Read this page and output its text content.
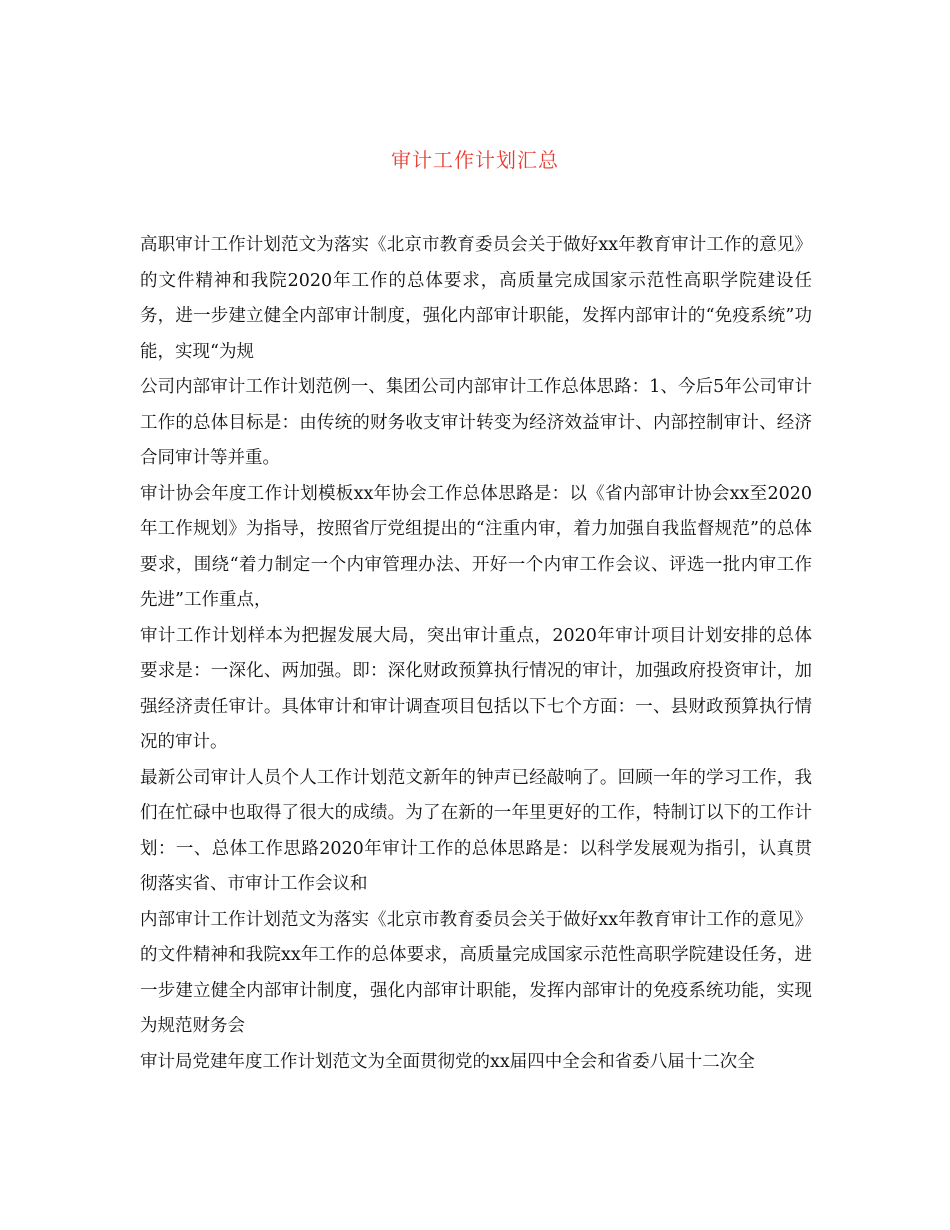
审计工作计划汇总

高职审计工作计划范文为落实《北京市教育委员会关于做好xx年教育审计工作的意见》的文件精神和我院2020年工作的总体要求，高质量完成国家示范性高职学院建设任务，进一步建立健全内部审计制度，强化内部审计职能，发挥内部审计的“免疫系统”功能，实现“为规

公司内部审计工作计划范例一、集团公司内部审计工作总体思路：1、今后5年公司审计工作的总体目标是：由传统的财务收支审计转变为经济效益审计、内部控制审计、经济合同审计等并重。

审计协会年度工作计划模板xx年协会工作总体思路是：以《省内部审计协会xx至2020年工作规划》为指导，按照省厅党组提出的“注重内审，着力加强自我监督规范”的总体要求，围绕“着力制定一个内审管理办法、开好一个内审工作会议、评选一批内审工作先进”工作重点，

审计工作计划样本为把握发展大局，突出审计重点，2020年审计项目计划安排的总体要求是：一深化、两加强。即：深化财政预算执行情况的审计，加强政府投资审计，加强经济责任审计。具体审计和审计调查项目包括以下七个方面：一、县财政预算执行情况的审计。

最新公司审计人员个人工作计划范文新年的钟声已经敲响了。回顾一年的学习工作，我们在忙碌中也取得了很大的成绩。为了在新的一年里更好的工作，特制订以下的工作计划：一、总体工作思路2020年审计工作的总体思路是：以科学发展观为指引，认真贯彻落实省、市审计工作会议和

内部审计工作计划范文为落实《北京市教育委员会关于做好xx年教育审计工作的意见》的文件精神和我院xx年工作的总体要求，高质量完成国家示范性高职学院建设任务，进一步建立健全内部审计制度，强化内部审计职能，发挥内部审计的免疫系统功能，实现为规范财务会

审计局党建年度工作计划范文为全面贯彻党的xx届四中全会和省委八届十二次全
